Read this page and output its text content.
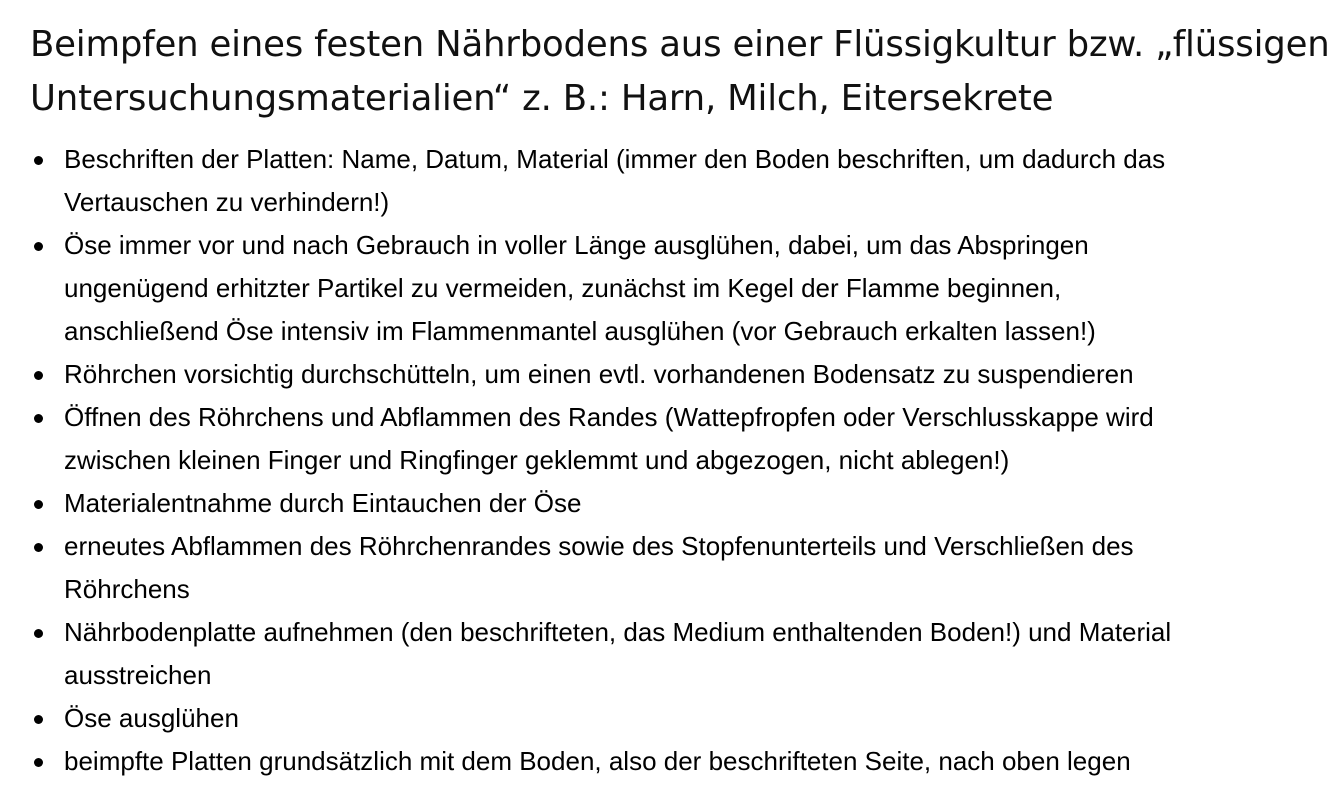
Beimpfen eines festen Nährbodens aus einer Flüssigkultur bzw. „flüssigen
Untersuchungsmaterialien“ z. B.: Harn, Milch, Eitersekrete
Beschriften der Platten: Name, Datum, Material (immer den Boden beschriften, um dadurch das
Vertauschen zu verhindern!)
Öse immer vor und nach Gebrauch in voller Länge ausglühen, dabei, um das Abspringen
ungenügend erhitzter Partikel zu vermeiden, zunächst im Kegel der Flamme beginnen,
anschließend Öse intensiv im Flammenmantel ausglühen (vor Gebrauch erkalten lassen!)
Röhrchen vorsichtig durchschütteln, um einen evtl. vorhandenen Bodensatz zu suspendieren
Öffnen des Röhrchens und Abflammen des Randes (Wattepfropfen oder Verschlusskappe wird
zwischen kleinen Finger und Ringfinger geklemmt und abgezogen, nicht ablegen!)
Materialentnahme durch Eintauchen der Öse
erneutes Abflammen des Röhrchenrandes sowie des Stopfenunterteils und Verschließen des
Röhrchens
Nährbodenplatte aufnehmen (den beschrifteten, das Medium enthaltenden Boden!) und Material
ausstreichen
Öse ausglühen
beimpfte Platten grundsätzlich mit dem Boden, also der beschrifteten Seite, nach oben legen
